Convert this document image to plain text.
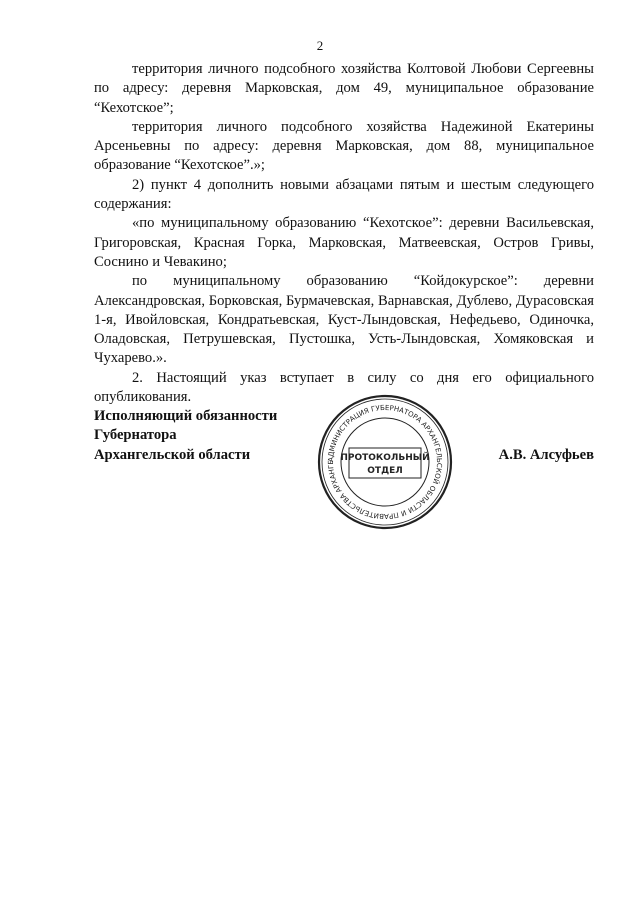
2

территория личного подсобного хозяйства Колтовой Любови Сергеевны по адресу: деревня Марковская, дом 49, муниципальное образование “Кехотское”;

территория личного подсобного хозяйства Надежиной Екатерины Арсеньевны по адресу: деревня Марковская, дом 88, муниципальное образование “Кехотское”.»;

2) пункт 4 дополнить новыми абзацами пятым и шестым следующего содержания:

«по муниципальному образованию “Кехотское”: деревни Васильевская, Григоровская, Красная Горка, Марковская, Матвеевская, Остров Гривы, Соснино и Чевакино;

по муниципальному образованию “Койдокурское”: деревни Александровская, Борковская, Бурмачевская, Варнавская, Дублево, Дурасовская 1-я, Ивойловская, Кондратьевская, Куст-Лындовская, Нефедьево, Одиночка, Оладовская, Петрушевская, Пустошка, Усть-Лындовская, Хомяковская и Чухарево.».

2. Настоящий указ вступает в силу со дня его официального опубликования.

Исполняющий обязанности
Губернатора
Архангельской области	А.В. Алсуфьев
АДМИНИСТРАЦИЯ ГУБЕРНАТОРА АРХАНГЕЛЬСКОЙ ОБЛАСТИ И ПРАВИТЕЛЬСТВА АРХАНГЕ ПРОТОКОЛЬНЫЙ
ОТДЕЛ
